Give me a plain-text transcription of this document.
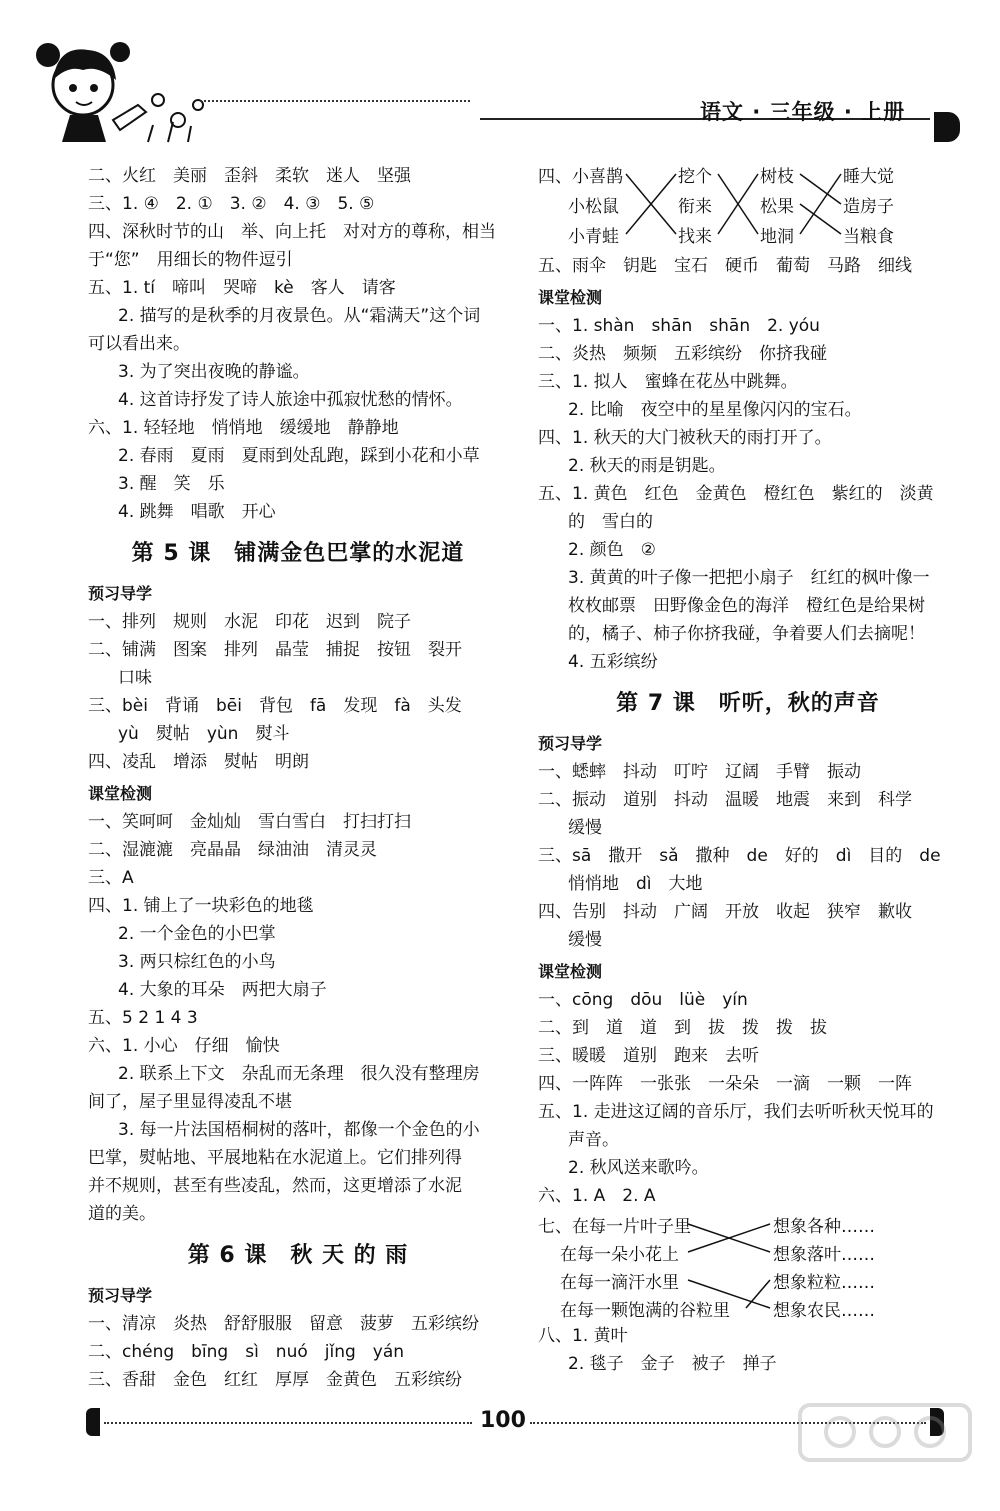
语文 · 三年级 · 上册
二、火红　美丽　歪斜　柔软　迷人　坚强
三、1. ④　2. ①　3. ②　4. ③　5. ⑤
四、深秋时节的山　举、向上托　对对方的尊称，相当
于“您”　用细长的物件逗引
五、1. tí　啼叫　哭啼　kè　客人　请客
2. 描写的是秋季的月夜景色。从“霜满天”这个词
可以看出来。
3. 为了突出夜晚的静谧。
4. 这首诗抒发了诗人旅途中孤寂忧愁的情怀。
六、1. 轻轻地　悄悄地　缓缓地　静静地
2. 春雨　夏雨　夏雨到处乱跑，踩到小花和小草
3. 醒　笑　乐
4. 跳舞　唱歌　开心
第 5 课　铺满金色巴掌的水泥道
预习导学
一、排列　规则　水泥　印花　迟到　院子
二、铺满　图案　排列　晶莹　捕捉　按钮　裂开
口味
三、bèi　背诵　bēi　背包　fā　发现　fà　头发
yù　熨帖　yùn　熨斗
四、凌乱　增添　熨帖　明朗
课堂检测
一、笑呵呵　金灿灿　雪白雪白　打扫打扫
二、湿漉漉　亮晶晶　绿油油　清灵灵
三、A
四、1. 铺上了一块彩色的地毯
2. 一个金色的小巴掌
3. 两只棕红色的小鸟
4. 大象的耳朵　两把大扇子
五、5 2 1 4 3
六、1. 小心　仔细　愉快
2. 联系上下文　杂乱而无条理　很久没有整理房
间了，屋子里显得凌乱不堪
3. 每一片法国梧桐树的落叶，都像一个金色的小
巴掌，熨帖地、平展地粘在水泥道上。它们排列得
并不规则，甚至有些凌乱，然而，这更增添了水泥
道的美。
第 6 课　秋 天 的 雨
预习导学
一、清凉　炎热　舒舒服服　留意　菠萝　五彩缤纷
二、chéng　bīng　sì　nuó　jǐng　yán
三、香甜　金色　红红　厚厚　金黄色　五彩缤纷
四、小喜鹊
小松鼠
小青蛙
挖个
衔来
找来
树枝
松果
地洞
睡大觉
造房子
当粮食
五、雨伞　钥匙　宝石　硬币　葡萄　马路　细线
课堂检测
一、1. shàn　shān　shān　2. yóu
二、炎热　频频　五彩缤纷　你挤我碰
三、1. 拟人　蜜蜂在花丛中跳舞。
2. 比喻　夜空中的星星像闪闪的宝石。
四、1. 秋天的大门被秋天的雨打开了。
2. 秋天的雨是钥匙。
五、1. 黄色　红色　金黄色　橙红色　紫红的　淡黄
的　雪白的
2. 颜色　②
3. 黄黄的叶子像一把把小扇子　红红的枫叶像一
枚枚邮票　田野像金色的海洋　橙红色是给果树
的，橘子、柿子你挤我碰，争着要人们去摘呢！
4. 五彩缤纷
第 7 课　听听，秋的声音
预习导学
一、蟋蟀　抖动　叮咛　辽阔　手臂　振动
二、振动　道别　抖动　温暖　地震　来到　科学
缓慢
三、sā　撒开　sǎ　撒种　de　好的　dì　目的　de
悄悄地　dì　大地
四、告别　抖动　广阔　开放　收起　狭窄　歉收
缓慢
课堂检测
一、cōng　dōu　lüè　yín
二、到　道　道　到　拔　拨　拨　拔
三、暖暖　道别　跑来　去听
四、一阵阵　一张张　一朵朵　一滴　一颗　一阵
五、1. 走进这辽阔的音乐厅，我们去听听秋天悦耳的
声音。
2. 秋风送来歌吟。
六、1. A　2. A
七、在每一片叶子里
在每一朵小花上
在每一滴汗水里
在每一颗饱满的谷粒里
想象各种……
想象落叶……
想象粒粒……
想象农民……
八、1. 黄叶
2. 毯子　金子　被子　掸子
100
